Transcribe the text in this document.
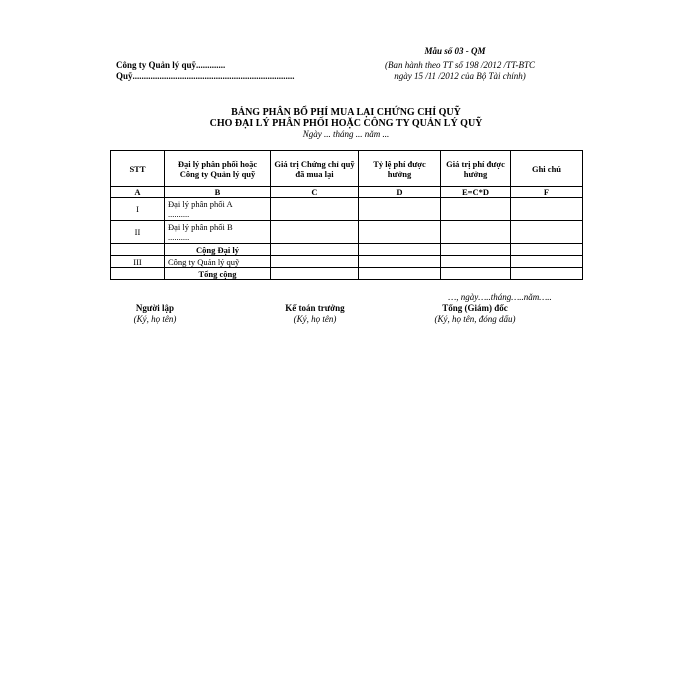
Mẫu số 03 - QM
Công ty Quản lý quỹ.............
Quỹ........................................................................
(Ban hành theo TT số 198 /2012 /TT-BTC
ngày 15 /11 /2012 của Bộ Tài chính)
BẢNG PHÂN BỔ PHÍ MUA LẠI CHỨNG CHỈ QUỸ
CHO ĐẠI LÝ PHÂN PHỐI HOẶC CÔNG TY QUẢN LÝ QUỸ
Ngày ... tháng ... năm ...
STT	Đại lý phân phối hoặc Công ty Quản lý quỹ	Giá trị Chứng chỉ quỹ đã mua lại	Tỷ lệ phí được hưởng	Giá trị phí được hưởng	Ghi chú
A	B	C	D	E=C*D	F
I	Đại lý phân phối A
..........				

II	Đại lý phân phối B
..........				

	Cộng Đại lý				
III	Công ty Quản lý quỹ				
	Tổng cộng				
…, ngày…..tháng…..năm…..
Người lập
(Ký, họ tên)
Kế toán trưởng
(Ký, họ tên)
Tổng (Giám) đốc
(Ký, họ tên, đóng dấu)
